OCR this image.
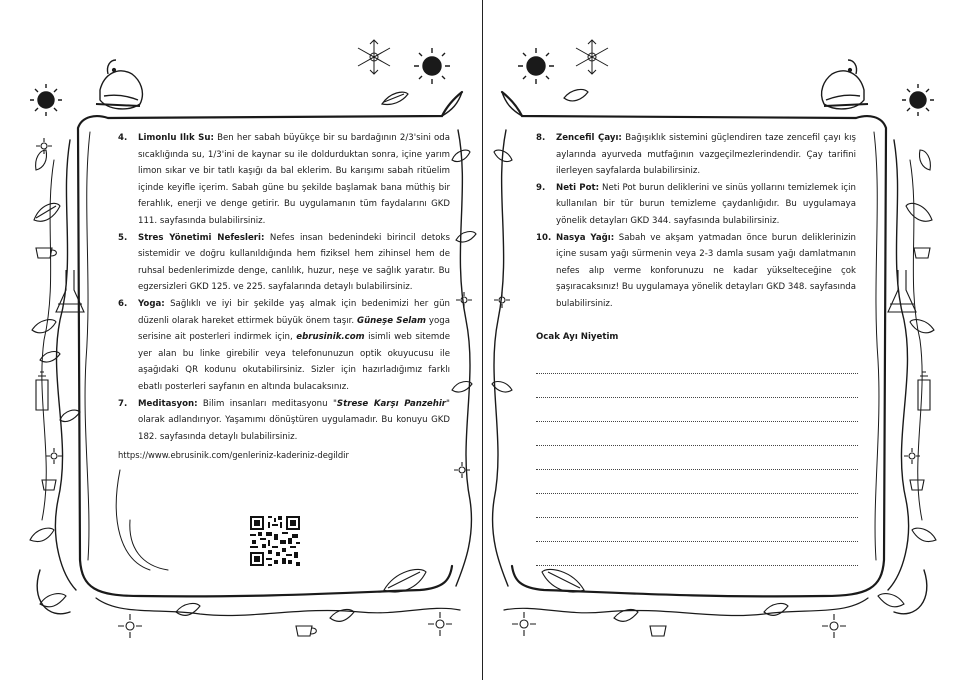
4. Limonlu Ilık Su: Ben her sabah büyükçe bir su bardağının 2/3'sini oda sıcaklığında su, 1/3'ini de kaynar su ile doldurduktan sonra, içine yarım limon sıkar ve bir tatlı kaşığı da bal eklerim. Bu karışımı sabah ritüelim içinde keyifle içerim. Sabah güne bu şekilde başlamak bana müthiş bir ferahlık, enerji ve denge getirir. Bu uygulamanın tüm faydalarını GKD 111. sayfasında bulabilirsiniz.
5. Stres Yönetimi Nefesleri: Nefes insan bedenindeki birincil detoks sistemidir ve doğru kullanıldığında hem fiziksel hem zihinsel hem de ruhsal bedenlerimizde denge, canlılık, huzur, neşe ve sağlık yaratır. Bu egzersizleri GKD 125. ve 225. sayfalarında detaylı bulabilirsiniz.
6. Yoga: Sağlıklı ve iyi bir şekilde yaş almak için bedenimizi her gün düzenli olarak hareket ettirmek büyük önem taşır. Güneşe Selam yoga serisine ait posterleri indirmek için, ebrusinik.com isimli web sitemde yer alan bu linke girebilir veya telefonunuzun optik okuyucusu ile aşağıdaki QR kodunu okutabilirsiniz. Sizler için hazırladığımız farklı ebatlı posterleri sayfanın en altında bulacaksınız.
7. Meditasyon: Bilim insanları meditasyonu "Strese Karşı Panzehir" olarak adlandırıyor. Yaşamımı dönüştüren uygulamadır. Bu konuyu GKD 182. sayfasında detaylı bulabilirsiniz.
https://www.ebrusinik.com/genleriniz-kaderiniz-degildir
8. Zencefil Çayı: Bağışıklık sistemini güçlendiren taze zencefil çayı kış aylarında ayurveda mutfağının vazgeçilmezlerindendir. Çay tarifini ilerleyen sayfalarda bulabilirsiniz.
9. Neti Pot: Neti Pot burun deliklerini ve sinüs yollarını temizlemek için kullanılan bir tür burun temizleme çaydanlığıdır. Bu uygulamaya yönelik detayları GKD 344. sayfasında bulabilirsiniz.
10. Nasya Yağı: Sabah ve akşam yatmadan önce burun deliklerinizin içine susam yağı sürmenin veya 2-3 damla susam yağı damlatmanın nefes alıp verme konforunuzu ne kadar yükselteceğine çok şaşıracaksınız! Bu uygulamaya yönelik detayları GKD 348. sayfasında bulabilirsiniz.
Ocak Ayı Niyetim
